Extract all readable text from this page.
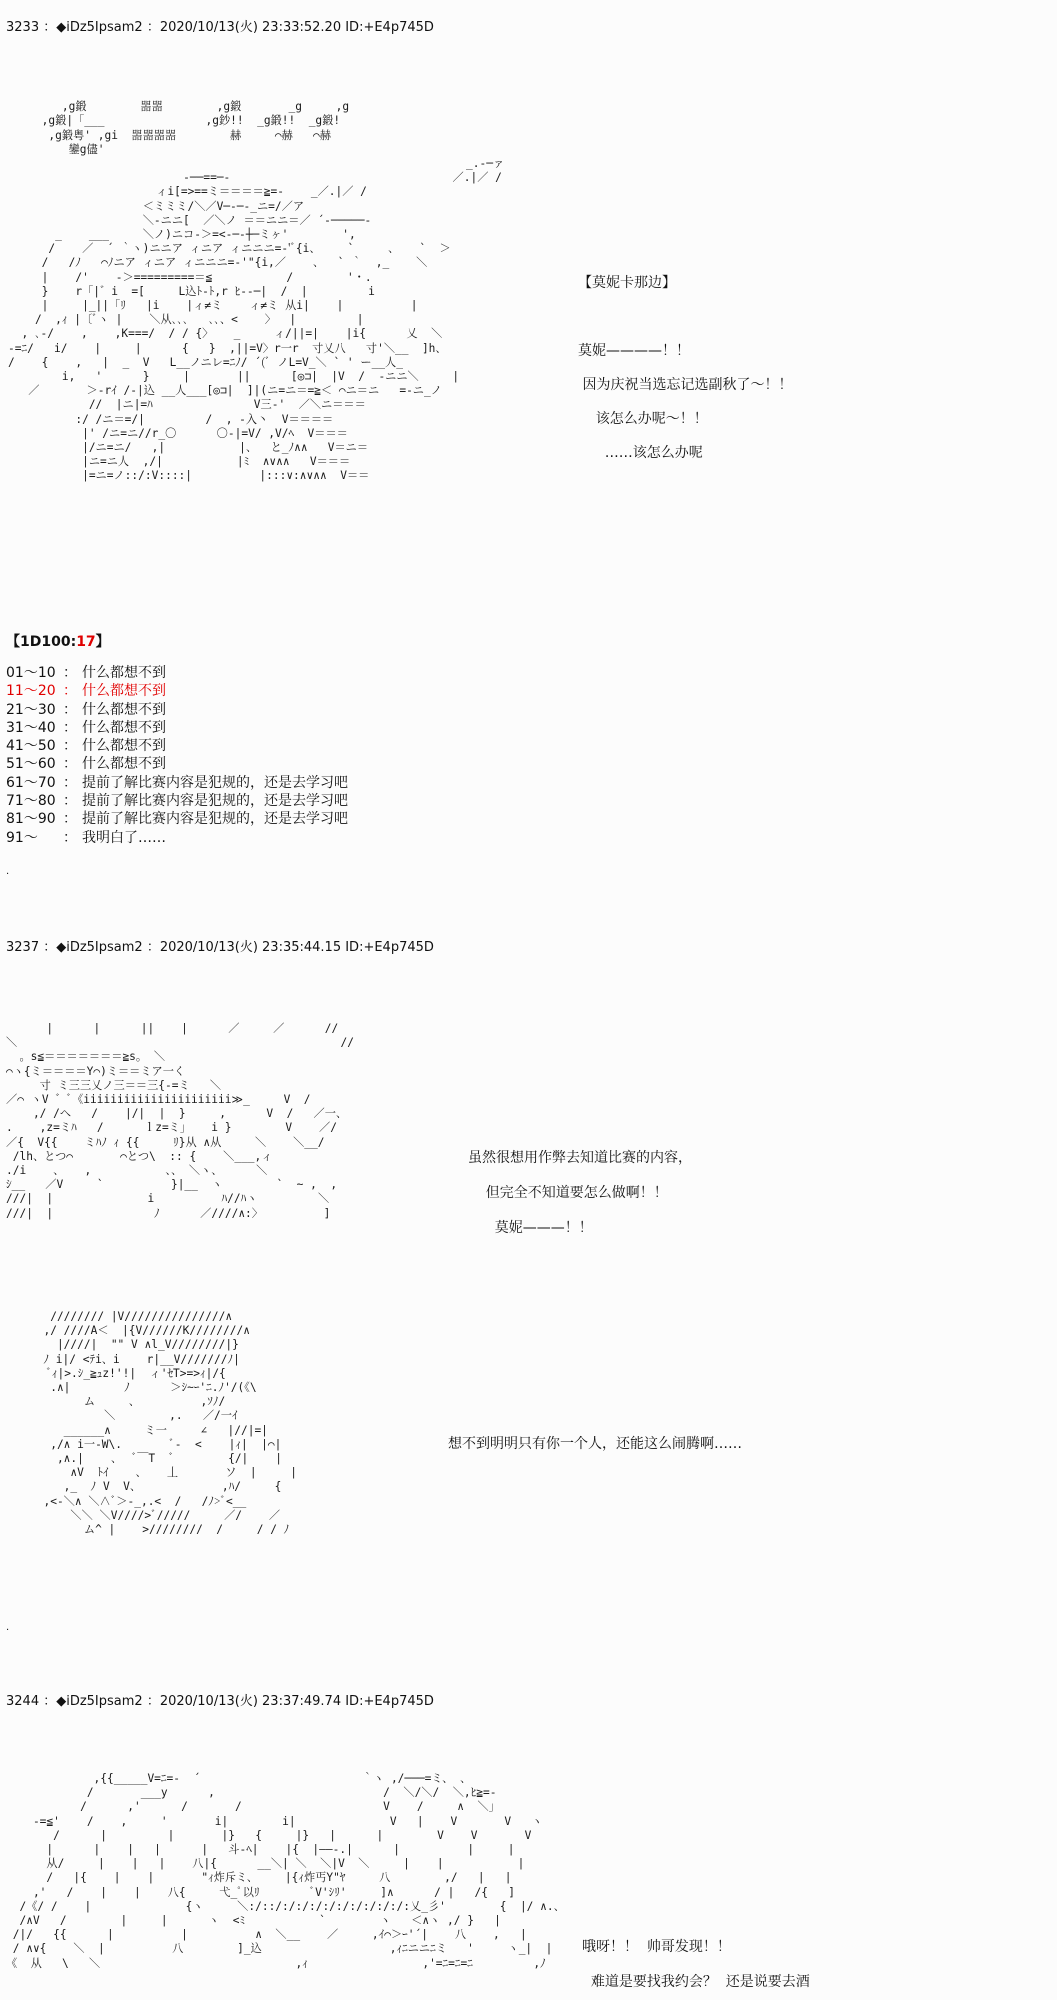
3233 ：◆iDz5Ipsam2 ：2020/10/13(火) 23:33:52.20 ID:+E4p745D

,g鍛        噐噐        ,g鍛       _g     ,g
,g鍛|「___               ,g鈔!!  _g鍛!!  _g鍛!
,g鍛粤' ,gi  噐噐噐噐        赫     ⌒赫   ⌒赫
鑾g儘'
_.-─ァ
-──==─-                                 ／.|／ /
ィi[=>==ミ＝＝＝＝≧=-    _／.|／ /
＜ミミミ/＼／V─-─-_ニ=/／ア
＼-ニニ[  ／＼ノ ＝＝ニニ＝／ ´-─────-
_    ___     ＼ノ)ニコ-＞=<-─-┼─ミヶ'        ',
/    ／  ´ ｀ヽ)ニニア ィニア ィニニニ=-'ﾞ{i、    `     、   `  ＞
/   /ﾉ   ⌒ﾉニア ィニア ィニニニ=-'"{i,／    、  ` ｀  ,_    ＼
|    /'    -＞=========＝≦           /        '・.
}    r「|゛i  =[     L込ﾄ-ﾄ,r ﾋ--─|  /  |         i
|     |_||「ﾘ   |i    |ィ≠ミ    ィ≠ミ 从i|    |          |
/  ,ｨ |〔ﾞヽ |    ＼从､､､   ､､、<    〉  |         |
, ､-/    ,    ,K===/  / / {〉   _     ィ/||=|    |i{      乂  ＼
-=ﾆ/   i/    |     |      {   }  ,||=V〉r一r  寸乂八   寸'＼__  ]h、
/    {    ,   |  _  V   L__ノニレ=ﾆﾉ/ ´(ﾞ ノL=V_＼ ` ' ー__人_
i,   '      }     |       ||      [◎⊐|  |V  /  -ニニ＼     |
／       ＞-rｲ /-|込 __人___[◎⊐|  ]|(ニ=ニ＝=≧＜ ⌒ニ＝ニ   =-ニ_ノ
//  |ニ|=ﾊ               V三-'  ／＼ニ＝＝＝
:/ /ニ＝=/|         /  , -入丶  V＝＝＝＝
|' /ニ=ニ//r_〇      〇-|=V/ ,V/ﾍ  V＝＝＝
|/ニ=ニ/   ,|           |、  と_ﾉ∧∧   V＝ニ＝
|ニ=ニ人  ,/|           |ﾐ  ∧∨∧∧   V＝＝＝
|=ニ=ノ::/:V::::|          |:::∨:∧∨∧∧  V＝＝
【莫妮卡那边】

莫妮————！！
因为庆祝当选忘记选副秋了～！！
该怎么办呢～！！
……该怎么办呢
【1D100:17】
01～10 ： 什么都想不到
11～20 ： 什么都想不到
21～30 ： 什么都想不到
31～40 ： 什么都想不到
41～50 ： 什么都想不到
51～60 ： 什么都想不到
61～70 ： 提前了解比赛内容是犯规的，还是去学习吧
71～80 ： 提前了解比赛内容是犯规的，还是去学习吧
81～90 ： 提前了解比赛内容是犯规的，还是去学习吧
91～	： 我明白了……
.
3237 ：◆iDz5Ipsam2 ：2020/10/13(火) 23:35:44.15 ID:+E4p745D
|      |      ||    |      ／     ／      //
＼                                                //
。s≦＝＝＝＝＝＝＝≧s。 ＼
⌒ヽ{ミ＝＝＝＝Y⌒)ミ＝＝ミア一く
寸 ミ三三乂ノ三＝＝三{-=ミ   ＼
／⌒ ヽV ゛ﾞ《iiiiiiiiiiiiiiiiiiiiii≫_     V  /
,/ /へ   /    |/|  |  }     ,      V  /   ／一、
.    ,z=ミﾊ   /      ｌz=ミ」   i }        V    ／/
／{  V{{    ミﾊﾉ ｨ {{     ﾘ}从 ∧从     ＼    ＼__/
/lh、とつ⌒       ⌒とつ\  :: {    ＼___,ィ
./i    、   ,           、、 ＼ヽ、     ＼
ｼ__   ／V     `          }|__  ヽ        `  ~ ,  ,
///|  |              i          ﾊ//ﾊヽ         ＼
///|  |               ﾉ      ／////∧:〉         ]
虽然很想用作弊去知道比赛的内容，
但完全不知道要怎么做啊！！
莫妮———！！
//////// |V///////////////∧
,/ ////A＜  |{V//////K////////∧
|////|  "" V ∧l_V////////|}
ﾉ i|/ <ﾃi、i    r|__V///////ﾉ|
ﾞｨ|>.ｼ_≧ｭz!'!|  ィ'ｾT>=>ｨ|/{
.∧|        ﾉ      ＞ｼ~ｰ'ﾆ.ﾉ'/(《\
ム     、         ,ｿﾉ/
＼        ,.   ／/一ｲ
______∧     ミ一     ∠   |//|=|
,/∧ i一-W\.       ﾞ-  <    |ｨ|  |⌒|
,∧.|    、  ﾞ￣T  ﾞ        {/|    |
∧V  ﾄｲ    、   丄       ソ  |     |
,_  ﾉ V  V、            ,ﾊ/     {
,<-＼∧ ＼∧ﾞ＞-_,.<  /   /ﾉ>ﾞ<__
＼＼ ＼V////>ﾞ/////     ／/    ／
ム^ |    >////////  /     / / ﾉ
想不到明明只有你一个人，还能这么闹腾啊……
.
3244 ：◆iDz5Ipsam2 ：2020/10/13(火) 23:37:49.74 ID:+E4p745D
,{{_____V=ﾆ=-  ´                        ｀ヽ ,/───=ミ、 、
/       ___y      ,                         /  ＼/＼/  ＼,ﾋ≧=-
/      ,'      /       /                     V    /     ∧  ＼」
-=≦'    /    ,     '       i|        i|              V   |    V       V   ヽ
/      |         |       |}   {     |}   |      |        V    V       V
|      |    |   |      |   斗-ﾍ|    |{  |——-.|      |          |     |
从/     |    |   |    八|{      __＼| ＼  ＼|V  ＼     |    |           |
/   |{    |    |       "ｨ炸斥ミ、    |{ｨ炸丐Y"ﾔ     八        ,/   |   |
,'   /    |    |    八{     弋_ﾟ以ﾘ        ﾞV'ｼﾘ'     ]∧      / |   /{   ]
/《/ /    |              {ヽ     ＼:/::/:/:/:/:/:/:/:/:/:/:乂_彡'        {  |/ ∧.、
/∧V   /        |     |      ヽ  <ﾐ           `        ヽ   ＜∧ヽ ,/ }   |
/|/   {{      |          |          ∧  ＼__    ／     ,ｲ⌒＞ｰ'´|    八    ,   |
/ ∧∨{    ＼  |          八        ]_込                   ,ｨﾆニニﾆミ   '     ヽ_|  |
《  从   \   ＼                             ,ｨ                 ,'=ﾆ=ﾆ=ﾆ         ,ﾉ
哦呀！！  帅哥发现！！
难道是要找我约会？  还是说要去酒
